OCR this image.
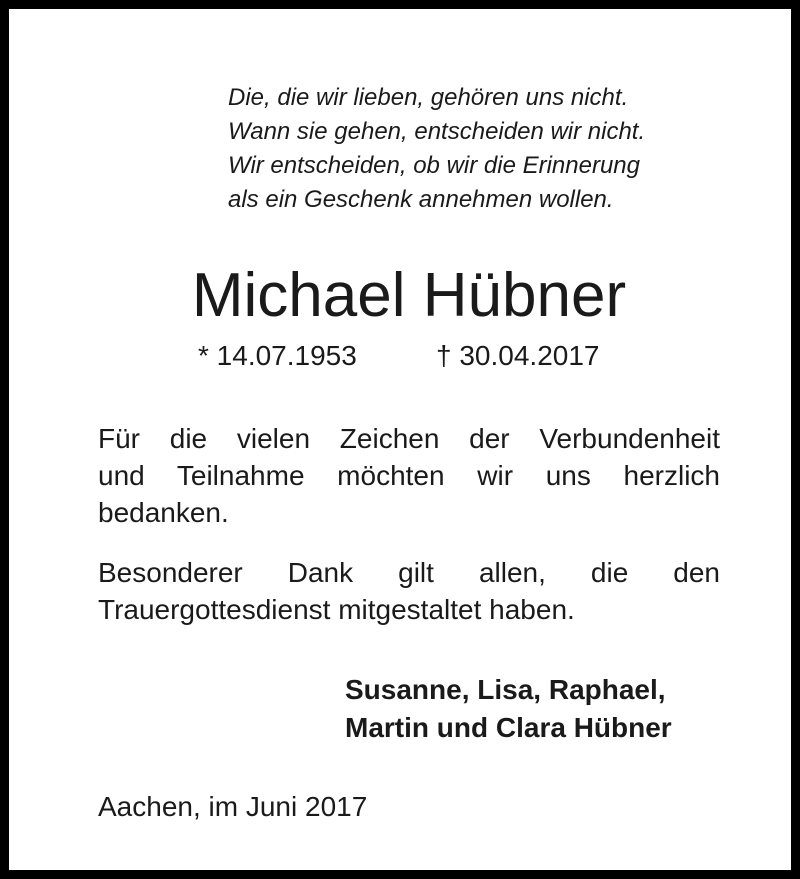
Die, die wir lieben, gehören uns nicht.
Wann sie gehen, entscheiden wir nicht.
Wir entscheiden, ob wir die Erinnerung
als ein Geschenk annehmen wollen.
Michael Hübner
* 14.07.1953	† 30.04.2017
Für die vielen Zeichen der Verbundenheit
und Teilnahme möchten wir uns herzlich
bedanken.
Besonderer Dank gilt allen, die den
Trauergottesdienst mitgestaltet haben.
Susanne, Lisa, Raphael,
Martin und Clara Hübner
Aachen, im Juni 2017
